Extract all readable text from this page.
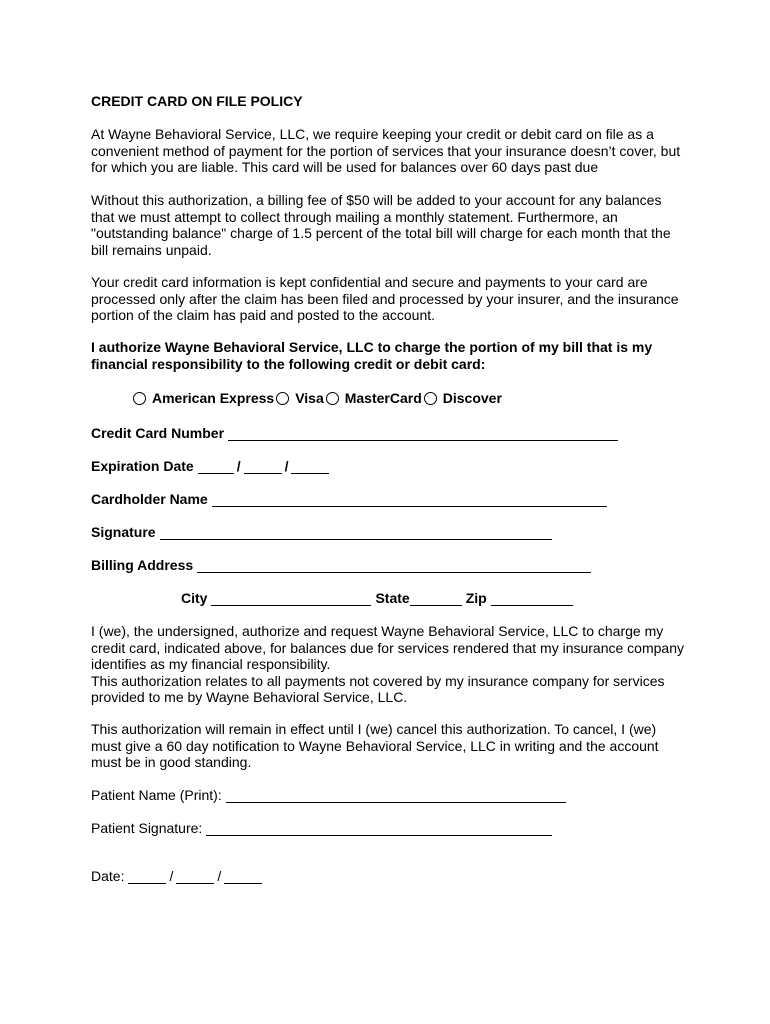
CREDIT CARD ON FILE POLICY

At Wayne Behavioral Service, LLC, we require keeping your credit or debit card on file as a
convenient method of payment for the portion of services that your insurance doesn’t cover, but
for which you are liable. This card will be used for balances over 60 days past due

Without this authorization, a billing fee of $50 will be added to your account for any balances
that we must attempt to collect through mailing a monthly statement. Furthermore, an
"outstanding balance" charge of 1.5 percent of the total bill will charge for each month that the
bill remains unpaid.

Your credit card information is kept confidential and secure and payments to your card are
processed only after the claim has been filed and processed by your insurer, and the insurance
portion of the claim has paid and posted to the account.

I authorize Wayne Behavioral Service, LLC to charge the portion of my bill that is my
financial responsibility to the following credit or debit card:

American Express Visa MasterCard Discover
Credit Card Number
Expiration Date	/	/
Cardholder Name
Signature
Billing Address
City	State	Zip

I (we), the undersigned, authorize and request Wayne Behavioral Service, LLC to charge my
credit card, indicated above, for balances due for services rendered that my insurance company
identifies as my financial responsibility.
This authorization relates to all payments not covered by my insurance company for services
provided to me by Wayne Behavioral Service, LLC.

This authorization will remain in effect until I (we) cancel this authorization. To cancel, I (we)
must give a 60 day notification to Wayne Behavioral Service, LLC in writing and the account
must be in good standing.

Patient Name (Print):
Patient Signature:
Date:	/	/
